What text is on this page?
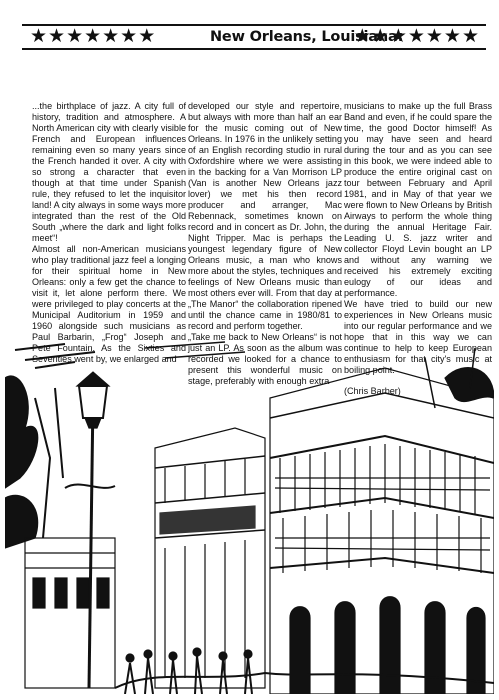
★★★★★★★	New Orleans, Louisiana:
★★★★★★★

...the birthplace of jazz. A city full of history, tradition and atmosphere. A North American city with clearly visible French and European influences remaining even so many years since the French handed it over. A city with so strong a character that even though at that time under Spanish rule, they refused to let the inquisitor land! A city always in some ways more integrated than the rest of the Old South „where the dark and light folks meet“!

Almost all non-American musicians who play traditional jazz feel a longing for their spiritual home in New Orleans: only a few get the chance to visit it, let alone perform there. We were privileged to play concerts at the Municipal Auditorium in 1959 and 1960 alongside such musicians as Paul Barbarin, „Frog“ Joseph and Pete Fountain. As the Sixties and Seventies went by, we enlarged and

developed our style and repertoire, but always with more than half an ear for the music coming out of New Orleans. In 1976 in the unlikely setting of an English recording studio in rural Oxfordshire where we were assisting in the backing for a Van Morrison LP (Van is another New Orleans jazz lover) we met his then record producer and arranger, Mac Rebennack, sometimes known on record and in concert as Dr. John, the Night Tripper. Mac is perhaps the youngest legendary figure of New Orleans music, a man who knows more about the styles, techniques and feelings of New Orleans music than most others ever will. From that day at „The Manor“ the collaboration ripened until the chance came in 1980/81 to record and perform together.

„Take me back to New Orleans“ is not just an LP. As soon as the album was recorded we looked for a chance to present this wonderful music on stage, preferably with enough extra

musicians to make up the full Brass Band and even, if he could spare the time, the good Doctor himself! As you may have seen and heard during the tour and as you can see in this book, we were indeed able to produce the entire original cast on tour between February and April 1981, and in May of that year we were flown to New Orleans by British Airways to perform the whole thing during the annual Heritage Fair. Leading U. S. jazz writer and collector Floyd Levin bought an LP and without any warning we received his extremely exciting eulogy of our ideas and performance.

We have tried to build our new experiences in New Orleans music into our regular performance and we hope that in this way we can continue to help to keep European enthusiasm for that city's music at boiling point.

(Chris Barber)
